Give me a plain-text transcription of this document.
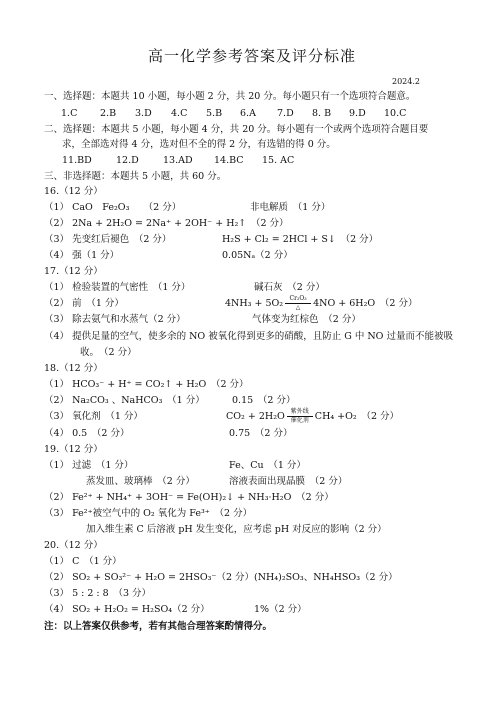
高一化学参考答案及评分标准
2024.2
一、选择题：本题共 10 小题，每小题 2 分，共 20 分。每小题只有一个选项符合题意。
1.C 2.B 3.D 4.C 5.B 6.A 7.D 8. B 9.D 10.C
二、选择题：本题共 5 小题，每小题 4 分，共 20 分。每小题有一个或两个选项符合题目要
求，全部选对得 4 分，选对但不全的得 2 分，有选错的得 0 分。
11.BD	12.D	13.AD 14.BC 15. AC
三、非选择题：本题共 5 小题，共 60 分。
16.（12 分）
（1） CaO　Fe₂O₃　　（2 分）	非电解质　（1 分）
（2） 2Na + 2H₂O = 2Na⁺ + 2OH⁻ + H₂↑　（2 分）
（3） 先变红后褪色　（2 分）	H₂S + Cl₂ = 2HCl + S↓　（2 分）
（4） 强（1 分）	0.05Nₐ（2 分）
17.（12 分）
（1） 检验装置的气密性　（1 分）	碱石灰　（2 分）
（2） 前　（1 分）	4NH₃ + 5O₂ Cr₂O₃
△ 4NO + 6H₂O　（2 分）
（3） 除去氨气和水蒸气（2 分）	气体变为红棕色　（2 分）
（4） 提供足量的空气，使多余的 NO 被氧化得到更多的硝酸，且防止 G 中 NO 过量而不能被吸
收。　（2 分）
18.（12 分）
（1） HCO₃⁻ + H⁺ = CO₂↑ + H₂O　（2 分）
（2） Na₂CO₃ 、NaHCO₃　（1 分）	0.15　（2 分）
（3） 氧化剂　（1 分）	CO₂ + 2H₂O 紫外线
催化剂 CH₄ +O₂　（2 分）
（4） 0.5　（2 分）	0.75　（2 分）
19.（12 分）
（1） 过滤　（1 分）	Fe、Cu　（1 分）
蒸发皿、玻璃棒　（2 分）	溶液表面出现晶膜　（2 分）
（2） Fe²⁺ + NH₄⁺ + 3OH⁻ = Fe(OH)₂↓ + NH₃·H₂O　（2 分）
（3） Fe²⁺被空气中的 O₂ 氧化为 Fe³⁺　（2 分）
加入维生素 C 后溶液 pH 发生变化，应考虑 pH 对反应的影响（2 分）
20.（12 分）
（1） C　（1 分）
（2） SO₂ + SO₃²⁻ + H₂O = 2HSO₃⁻（2 分） (NH₄)₂SO₃、NH₄HSO₃（2 分）
（3） 5 : 2 : 8　（3 分）
（4） SO₂ + H₂O₂ = H₂SO₄（2 分）	1%（2 分）
注：以上答案仅供参考，若有其他合理答案酌情得分。
